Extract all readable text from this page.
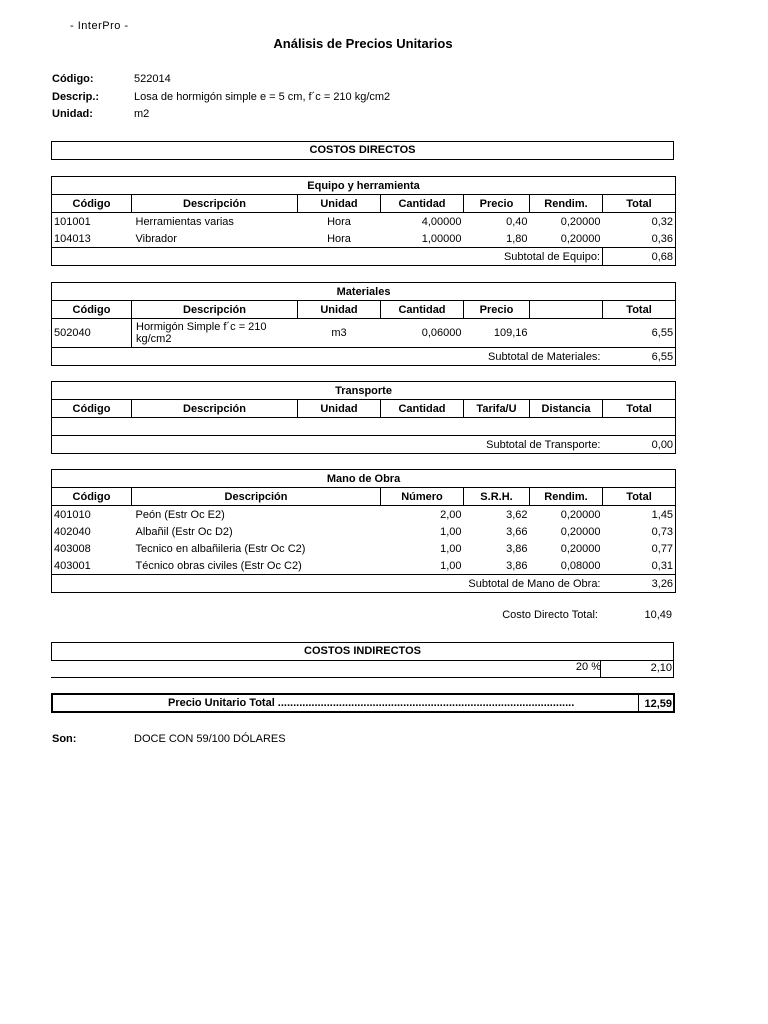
- InterPro -
Análisis de Precios Unitarios
Código:	522014
Descrip.:	Losa de hormigón simple e = 5 cm, f´c = 210 kg/cm2
Unidad:	m2
COSTOS DIRECTOS
Equipo y herramienta						
Código	Descripción	Unidad	Cantidad	Precio	Rendim.	Total
101001	Herramientas varias	Hora	4,00000	0,40	0,20000	0,32
104013	Vibrador	Hora	1,00000	1,80	0,20000	0,36
Subtotal de Equipo:						0,68
Materiales						
Código	Descripción	Unidad	Cantidad	Precio		Total
502040	Hormigón Simple f´c = 210 kg/cm2	m3	0,06000	109,16		6,55
Subtotal de Materiales:						6,55
Transporte						
Código	Descripción	Unidad	Cantidad	Tarifa/U	Distancia	Total

Subtotal de Transporte:						0,00
Mano de Obra					
Código	Descripción	Número	S.R.H.	Rendim.	Total
401010	Peón (Estr Oc E2)	2,00	3,62	0,20000	1,45
402040	Albañil (Estr Oc D2)	1,00	3,66	0,20000	0,73
403008	Tecnico en albañileria (Estr Oc C2)	1,00	3,86	0,20000	0,77
403001	Técnico obras civiles (Estr Oc C2)	1,00	3,86	0,08000	0,31
Subtotal de Mano de Obra:					3,26
Costo Directo Total:	10,49
COSTOS INDIRECTOS
20 %	2,10
Precio Unitario Total .................................................................................................	12,59
Son:	DOCE CON 59/100 DÓLARES
